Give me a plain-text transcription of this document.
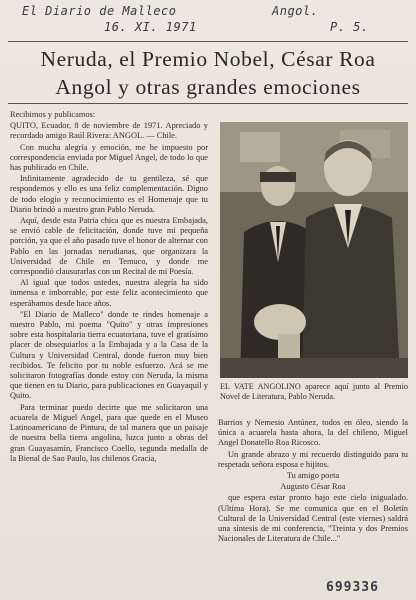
El Diario de Malleco	Angol.
16. XI. 1971	P. 5.
Neruda, el Premio Nobel, César Roa
Angol y otras grandes emociones

Recibimos y publicamos:

QUITO, Ecuador, 8 de noviembre de 1971. Apreciado y recordado amigo Raúl Rivera: ANGOL. — Chile.

Con mucha alegría y emoción, me he impuesto por correspondencia enviada por Miguel Angel, de todo lo que has publicado en Chile.

Infinitamente agradecido de tu gentileza, sé que respondemos y ello es una feliz complementación. Digno de todo elogio y reconocimiento es el Homenaje que tu Diario brindó a nuestro gran Pablo Neruda.

Aquí, desde esta Patria chica que es nuestra Embajada, se envió cable de felicitación, donde tuve mi pequeña porción, ya que el año pasado tuve el honor de alternar con Pablo en las jornadas nerudianas, que organizara la Universidad de Chile en Temuco, y donde me correspondió clausurarlas con un Recital de mi Poesía.

Al igual que todos ustedes, nuestra alegría ha sido inmensa e imborrable, por este feliz acontecimiento que esperábamos desde hace años.

"El Diario de Malleco" donde te rindes homenaje a nuestro Pablo, mi poema "Quito" y otras impresiones sobre esta hospitalaria tierra ecuatoriana, tuve el gratísimo placer de obsequiarlos a la Embajada y a la Casa de la Cultura y Universidad Central, donde fueron muy bien recibidos. Te felicito por tu noble esfuerzo. Acá se me solicitaron fotografías donde estoy con Neruda, la misma que tienen en tu Diario, para publicaciones en Guayaquil y Quito.

Para terminar puedo decirte que me solicitaron una acuarela de Miguel Angel, para que quede en el Museo Latinoamericano de Pintura, de tal manera que un paisaje de nuestra bella tierra angolina, luzca junto a obras del gran Guayasamín, Francisco Coello, segunda medalla de la Bienal de Sao Paulo, los chilenos Gracia,

EL VATE ANGOLINO aparece aquí junto al Premio Novel de Literatura, Pablo Neruda.

Barrios y Nemesio Antúnez, todos en óleo, siendo la única a acuarela hasta ahora, la del chileno, Miguel Angel Donatello Roa Ricosco.

Un grande abrazo y mi recuerdo distinguido para tu respetada señora esposa e hijitos.

Tu amigo poeta

Augusto César Roa

que espera estar pronto bajo este cielo inigualado. (Ultima Hora). Se me comunica que en el Boletín Cultural de la Universidad Central (este viernes) saldrá una síntesis de mi conferencia, "Treinta y dos Premios Nacionales de Literatura de Chile..."

699336
